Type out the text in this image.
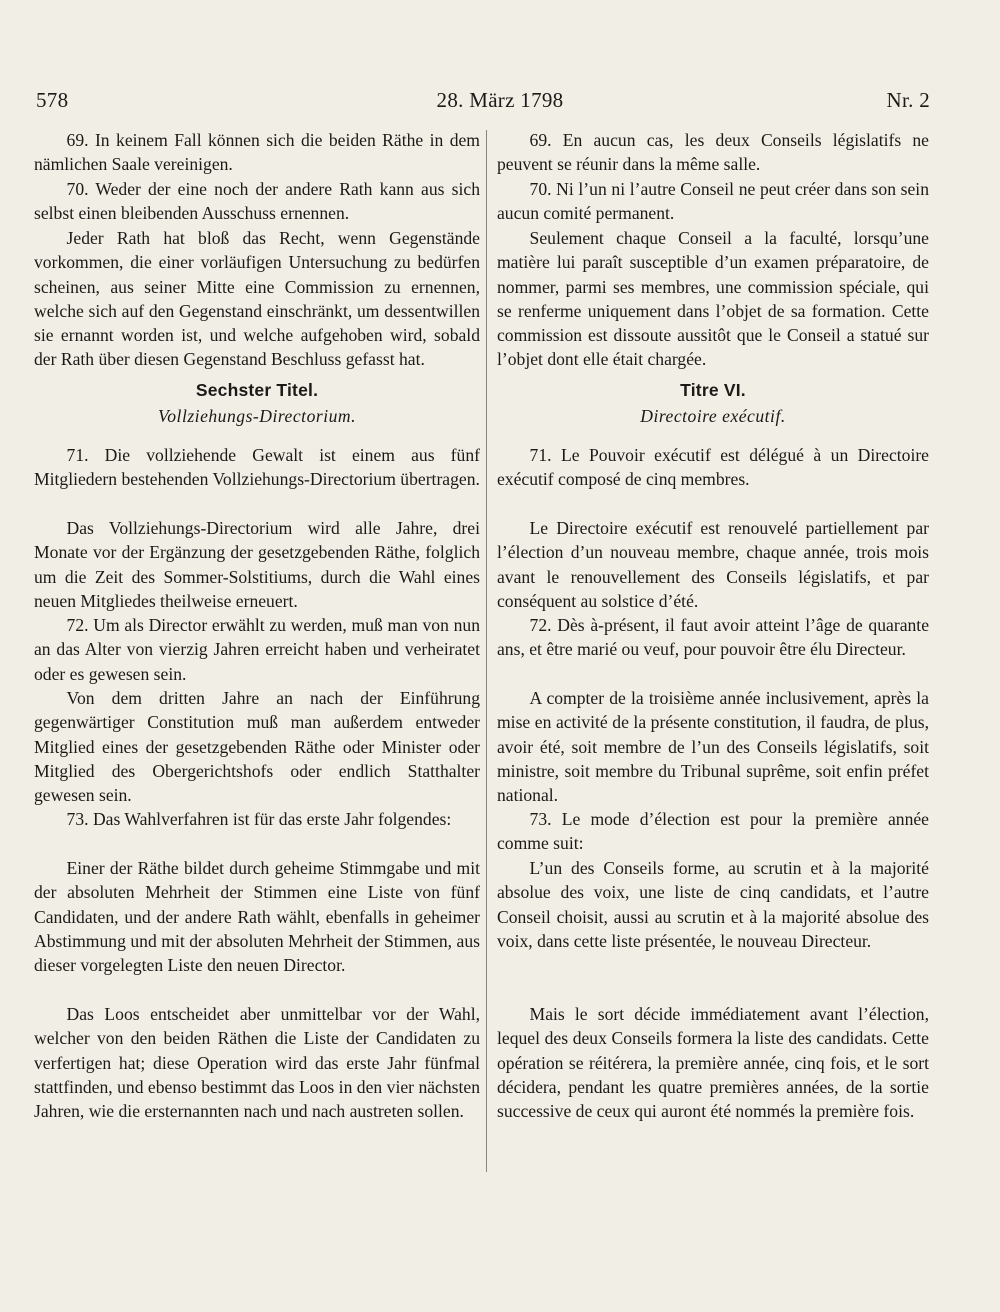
578	28. März 1798	Nr. 2

69. In keinem Fall können sich die beiden Räthe in dem nämlichen Saale vereinigen.

70. Weder der eine noch der andere Rath kann aus sich selbst einen bleibenden Ausschuss ernennen.

Jeder Rath hat bloß das Recht, wenn Gegenstände vorkommen, die einer vorläufigen Untersuchung zu bedürfen scheinen, aus seiner Mitte eine Commission zu ernennen, welche sich auf den Gegenstand einschränkt, um dessentwillen sie ernannt worden ist, und welche aufgehoben wird, sobald der Rath über diesen Gegenstand Beschluss gefasst hat.

Sechster Titel.

Vollziehungs-Directorium.

71. Die vollziehende Gewalt ist einem aus fünf Mitgliedern bestehenden Vollziehungs-Directorium übertragen.

Das Vollziehungs-Directorium wird alle Jahre, drei Monate vor der Ergänzung der gesetzgebenden Räthe, folglich um die Zeit des Sommer-Solstitiums, durch die Wahl eines neuen Mitgliedes theilweise erneuert.

72. Um als Director erwählt zu werden, muß man von nun an das Alter von vierzig Jahren erreicht haben und verheiratet oder es gewesen sein.

Von dem dritten Jahre an nach der Einführung gegenwärtiger Constitution muß man außerdem entweder Mitglied eines der gesetzgebenden Räthe oder Minister oder Mitglied des Obergerichtshofs oder endlich Statthalter gewesen sein.

73. Das Wahlverfahren ist für das erste Jahr folgendes:

Einer der Räthe bildet durch geheime Stimmgabe und mit der absoluten Mehrheit der Stimmen eine Liste von fünf Candidaten, und der andere Rath wählt, ebenfalls in geheimer Abstimmung und mit der absoluten Mehrheit der Stimmen, aus dieser vorgelegten Liste den neuen Director.

Das Loos entscheidet aber unmittelbar vor der Wahl, welcher von den beiden Räthen die Liste der Candidaten zu verfertigen hat; diese Operation wird das erste Jahr fünfmal stattfinden, und ebenso bestimmt das Loos in den vier nächsten Jahren, wie die ersternannten nach und nach austreten sollen.

69. En aucun cas, les deux Conseils législatifs ne peuvent se réunir dans la même salle.

70. Ni l’un ni l’autre Conseil ne peut créer dans son sein aucun comité permanent.

Seulement chaque Conseil a la faculté, lorsqu’une matière lui paraît susceptible d’un examen préparatoire, de nommer, parmi ses membres, une commission spéciale, qui se renferme uniquement dans l’objet de sa formation. Cette commission est dissoute aussitôt que le Conseil a statué sur l’objet dont elle était chargée.

Titre VI.

Directoire exécutif.

71. Le Pouvoir exécutif est délégué à un Directoire exécutif composé de cinq membres.

Le Directoire exécutif est renouvelé partiellement par l’élection d’un nouveau membre, chaque année, trois mois avant le renouvellement des Conseils législatifs, et par conséquent au solstice d’été.

72. Dès à-présent, il faut avoir atteint l’âge de quarante ans, et être marié ou veuf, pour pouvoir être élu Directeur.

A compter de la troisième année inclusivement, après la mise en activité de la présente constitution, il faudra, de plus, avoir été, soit membre de l’un des Conseils législatifs, soit ministre, soit membre du Tribunal suprême, soit enfin préfet national.

73. Le mode d’élection est pour la première année comme suit:

L’un des Conseils forme, au scrutin et à la majorité absolue des voix, une liste de cinq candidats, et l’autre Conseil choisit, aussi au scrutin et à la majorité absolue des voix, dans cette liste présentée, le nouveau Directeur.

Mais le sort décide immédiatement avant l’élection, lequel des deux Conseils formera la liste des candidats. Cette opération se réitérera, la première année, cinq fois, et le sort décidera, pendant les quatre premières années, de la sortie successive de ceux qui auront été nommés la première fois.
